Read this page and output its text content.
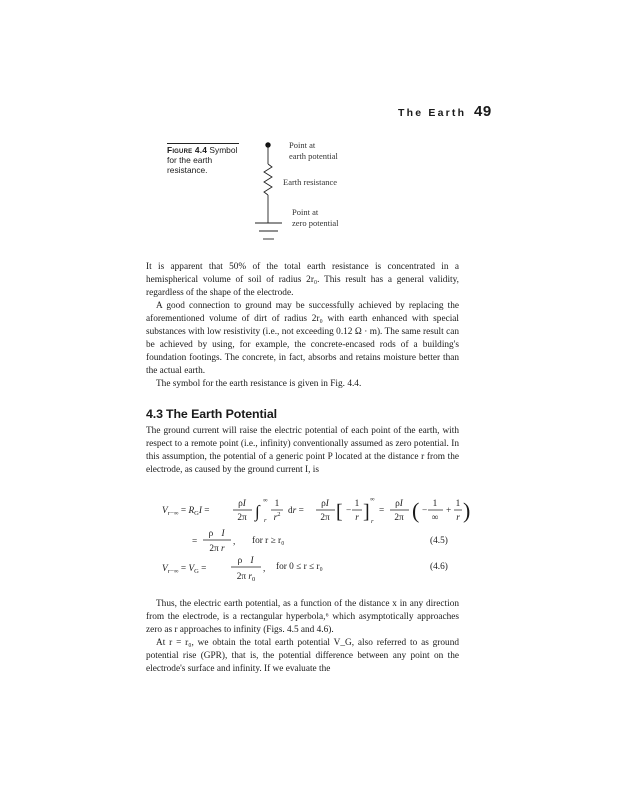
The Earth 49
Figure 4.4 Symbol for the earth resistance.
Point at
earth potential
Earth resistance
Point at
zero potential

It is apparent that 50% of the total earth resistance is concentrated in a hemispherical volume of soil of radius 2r₀. This result has a general validity, regardless of the shape of the electrode.

A good connection to ground may be successfully achieved by replacing the aforementioned volume of dirt of radius 2r₀ with earth enhanced with special substances with low resistivity (i.e., not exceeding 0.12 Ω · m). The same result can be achieved by using, for example, the concrete-encased rods of a building's foundation footings. The concrete, in fact, absorbs and retains moisture better than the actual earth.

The symbol for the earth resistance is given in Fig. 4.4.

4.3 The Earth Potential

The ground current will raise the electric potential of each point of the earth, with respect to a remote point (i.e., infinity) conventionally assumed as zero potential. In this assumption, the potential of a generic point P located at the distance r from the electrode, as caused by the ground current I, is

$V_r-\infty = R_GI$ =
ρI
2π ∫
∞
r
1
$r^2$ dr =
ρI
2π [ −
1
r ]
∞
r
=
ρI
2π ( −
1
∞
+
1
r )
=
ρ I
2π r
, for r ≥ r₀	(4.5)
$V_r-\infty = V_G$ =
ρ I
2π $r_0$
, for 0 ≤ r ≤ r₀	(4.6)

Thus, the electric earth potential, as a function of the distance x in any direction from the electrode, is a rectangular hyperbola,⁶ which asymptotically approaches zero as r approaches to infinity (Figs. 4.5 and 4.6).

At r = r₀, we obtain the total earth potential V_G, also referred to as ground potential rise (GPR), that is, the potential difference between any point on the electrode's surface and infinity. If we evaluate the
